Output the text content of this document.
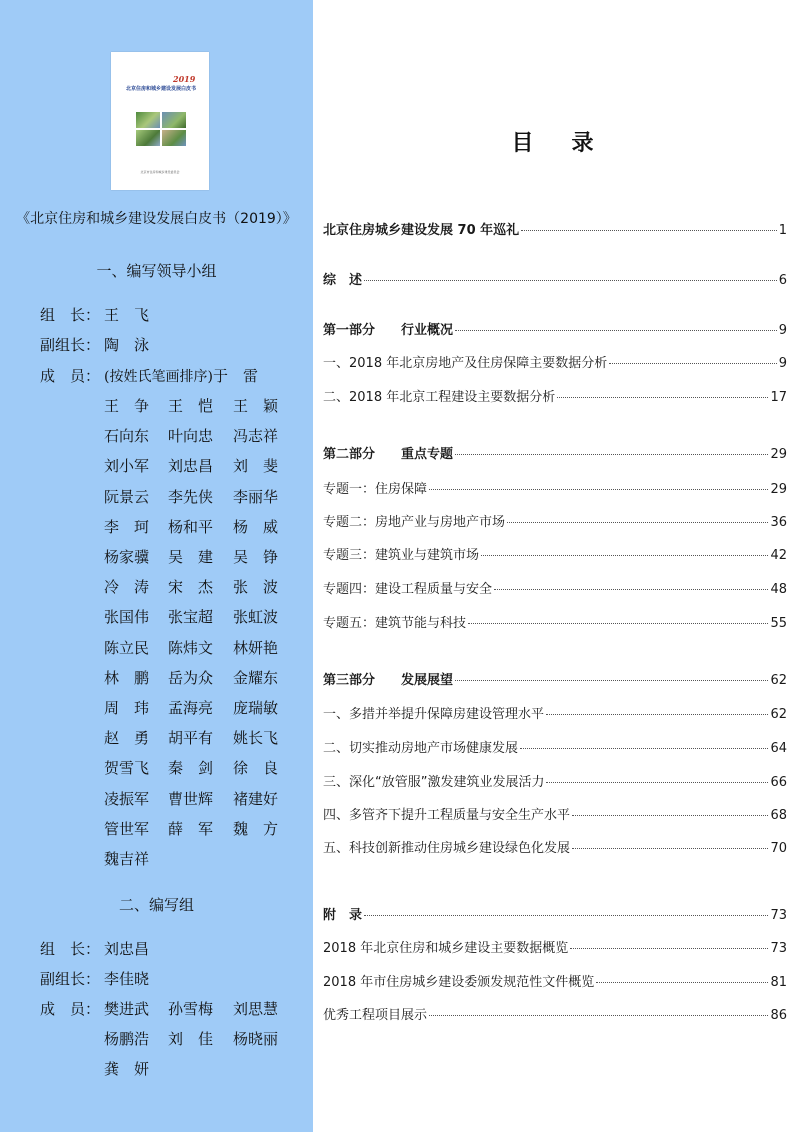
2019
北京住房和城乡建设发展白皮书
北京市住房和城乡建设委员会
《北京住房和城乡建设发展白皮书（2019）》
一、编写领导小组
组　长： 王　飞
副组长： 陶　泳
成　员： (按姓氏笔画排序)于　雷
王　争 王　恺 王　颖
石向东 叶向忠 冯志祥
刘小军 刘忠昌 刘　斐
阮景云 李先侠 李丽华
李　珂 杨和平 杨　威
杨家骥 吴　建 吴　铮
冷　涛 宋　杰 张　波
张国伟 张宝超 张虹波
陈立民 陈炜文 林妍艳
林　鹏 岳为众 金耀东
周　玮 孟海亮 庞瑞敏
赵　勇 胡平有 姚长飞
贺雪飞 秦　剑 徐　良
凌振军 曹世辉 褚建好
管世军 薛　军 魏　方
魏吉祥
二、编写组
组　长： 刘忠昌
副组长： 李佳晓
成　员： 樊进武 孙雪梅 刘思慧
杨鹏浩 刘　佳 杨晓丽
龚　妍
目　录
北京住房城乡建设发展 70 年巡礼	1
综　述	6
第一部分　　行业概况	9
一、2018 年北京房地产及住房保障主要数据分析	9
二、2018 年北京工程建设主要数据分析	17
第二部分　　重点专题	29
专题一：住房保障	29
专题二：房地产业与房地产市场	36
专题三：建筑业与建筑市场	42
专题四：建设工程质量与安全	48
专题五：建筑节能与科技	55
第三部分　　发展展望	62
一、多措并举提升保障房建设管理水平	62
二、切实推动房地产市场健康发展	64
三、深化“放管服”激发建筑业发展活力	66
四、多管齐下提升工程质量与安全生产水平	68
五、科技创新推动住房城乡建设绿色化发展	70
附　录	73
2018 年北京住房和城乡建设主要数据概览	73
2018 年市住房城乡建设委颁发规范性文件概览	81
优秀工程项目展示	86
